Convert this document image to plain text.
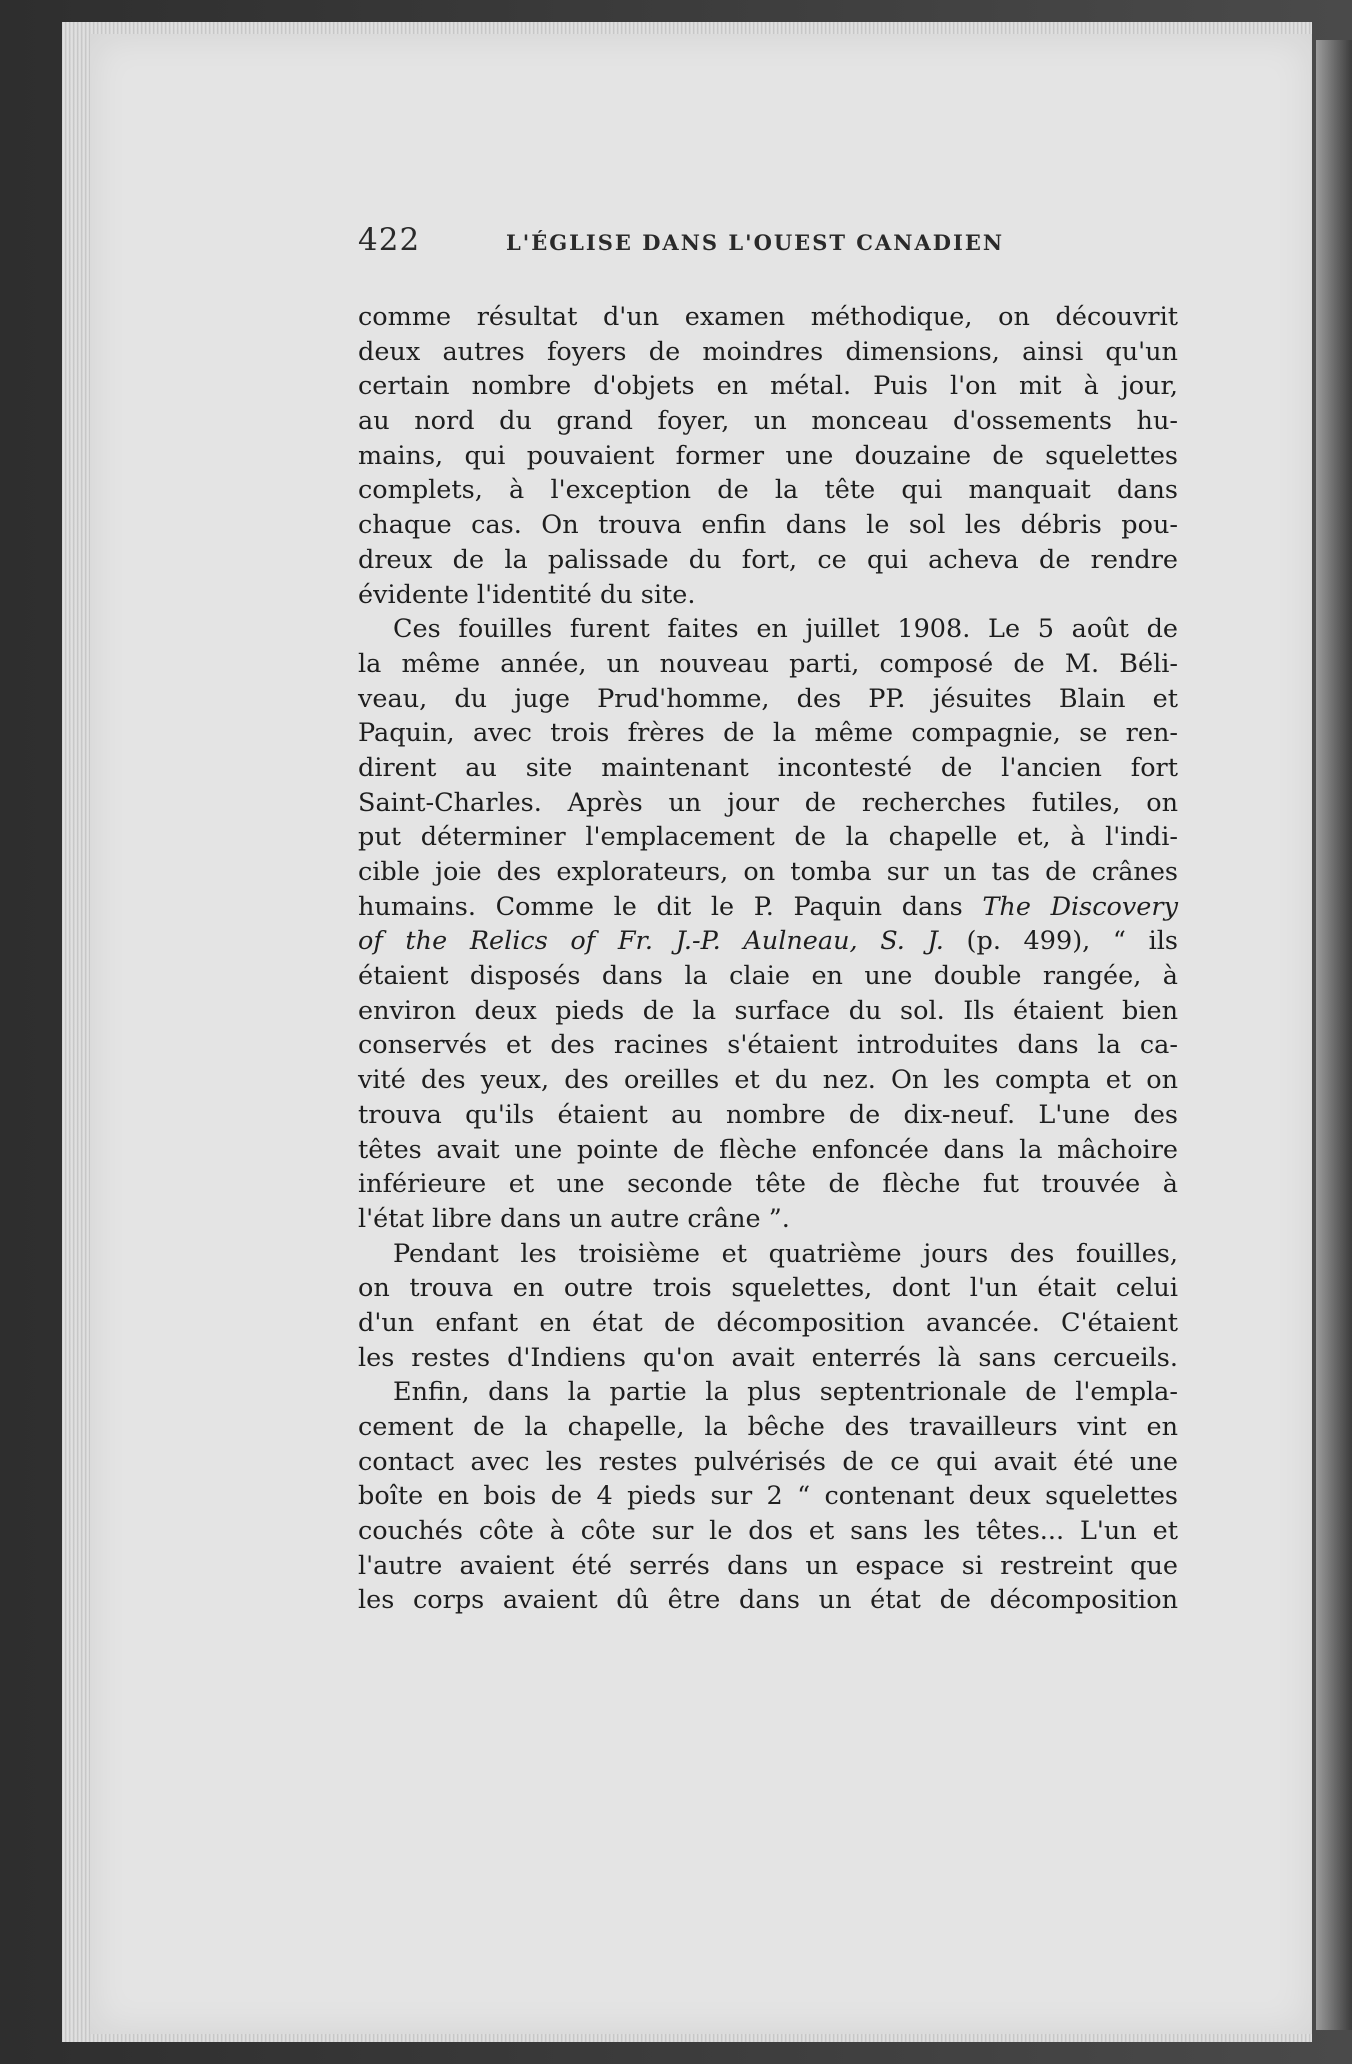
422	L'ÉGLISE DANS L'OUEST CANADIEN
comme résultat d'un examen méthodique, on découvrit
deux autres foyers de moindres dimensions, ainsi qu'un
certain nombre d'objets en métal. Puis l'on mit à jour,
au nord du grand foyer, un monceau d'ossements hu-
mains, qui pouvaient former une douzaine de squelettes
complets, à l'exception de la tête qui manquait dans
chaque cas. On trouva enfin dans le sol les débris pou-
dreux de la palissade du fort, ce qui acheva de rendre
évidente l'identité du site.
Ces fouilles furent faites en juillet 1908. Le 5 août de
la même année, un nouveau parti, composé de M. Béli-
veau, du juge Prud'homme, des PP. jésuites Blain et
Paquin, avec trois frères de la même compagnie, se ren-
dirent au site maintenant incontesté de l'ancien fort
Saint-Charles. Après un jour de recherches futiles, on
put déterminer l'emplacement de la chapelle et, à l'indi-
cible joie des explorateurs, on tomba sur un tas de crânes
humains. Comme le dit le P. Paquin dans The Discovery
of the Relics of Fr. J.-P. Aulneau, S. J. (p. 499), “ ils
étaient disposés dans la claie en une double rangée, à
environ deux pieds de la surface du sol. Ils étaient bien
conservés et des racines s'étaient introduites dans la ca-
vité des yeux, des oreilles et du nez. On les compta et on
trouva qu'ils étaient au nombre de dix-neuf. L'une des
têtes avait une pointe de flèche enfoncée dans la mâchoire
inférieure et une seconde tête de flèche fut trouvée à
l'état libre dans un autre crâne ”.
Pendant les troisième et quatrième jours des fouilles,
on trouva en outre trois squelettes, dont l'un était celui
d'un enfant en état de décomposition avancée. C'étaient
les restes d'Indiens qu'on avait enterrés là sans cercueils.
Enfin, dans la partie la plus septentrionale de l'empla-
cement de la chapelle, la bêche des travailleurs vint en
contact avec les restes pulvérisés de ce qui avait été une
boîte en bois de 4 pieds sur 2 “ contenant deux squelettes
couchés côte à côte sur le dos et sans les têtes... L'un et
l'autre avaient été serrés dans un espace si restreint que
les corps avaient dû être dans un état de décomposition
